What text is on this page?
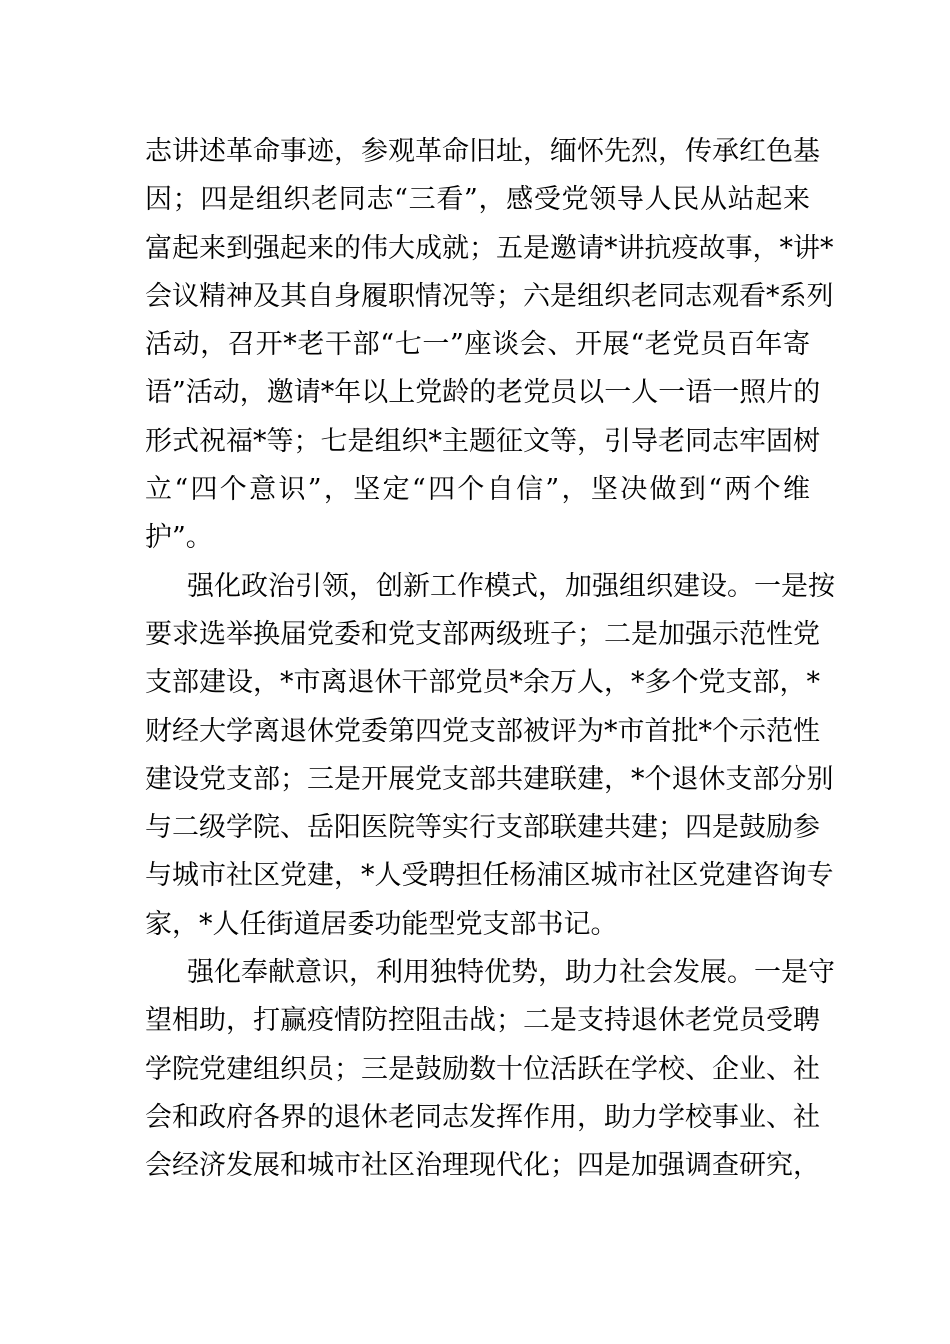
志讲述革命事迹，参观革命旧址，缅怀先烈，传承红色基
因；四是组织老同志“三看”，感受党领导人民从站起来
富起来到强起来的伟大成就；五是邀请*讲抗疫故事，*讲*
会议精神及其自身履职情况等；六是组织老同志观看*系列
活动，召开*老干部“七一”座谈会、开展“老党员百年寄
语”活动，邀请*年以上党龄的老党员以一人一语一照片的
形式祝福*等；七是组织*主题征文等，引导老同志牢固树
立“四个意识”，坚定“四个自信”，坚决做到“两个维
护”。
强化政治引领，创新工作模式，加强组织建设。一是按
要求选举换届党委和党支部两级班子；二是加强示范性党
支部建设，*市离退休干部党员*余万人，*多个党支部，*
财经大学离退休党委第四党支部被评为*市首批*个示范性
建设党支部；三是开展党支部共建联建，*个退休支部分别
与二级学院、岳阳医院等实行支部联建共建；四是鼓励参
与城市社区党建，*人受聘担任杨浦区城市社区党建咨询专
家，*人任街道居委功能型党支部书记。
强化奉献意识，利用独特优势，助力社会发展。一是守
望相助，打赢疫情防控阻击战；二是支持退休老党员受聘
学院党建组织员；三是鼓励数十位活跃在学校、企业、社
会和政府各界的退休老同志发挥作用，助力学校事业、社
会经济发展和城市社区治理现代化；四是加强调查研究，
